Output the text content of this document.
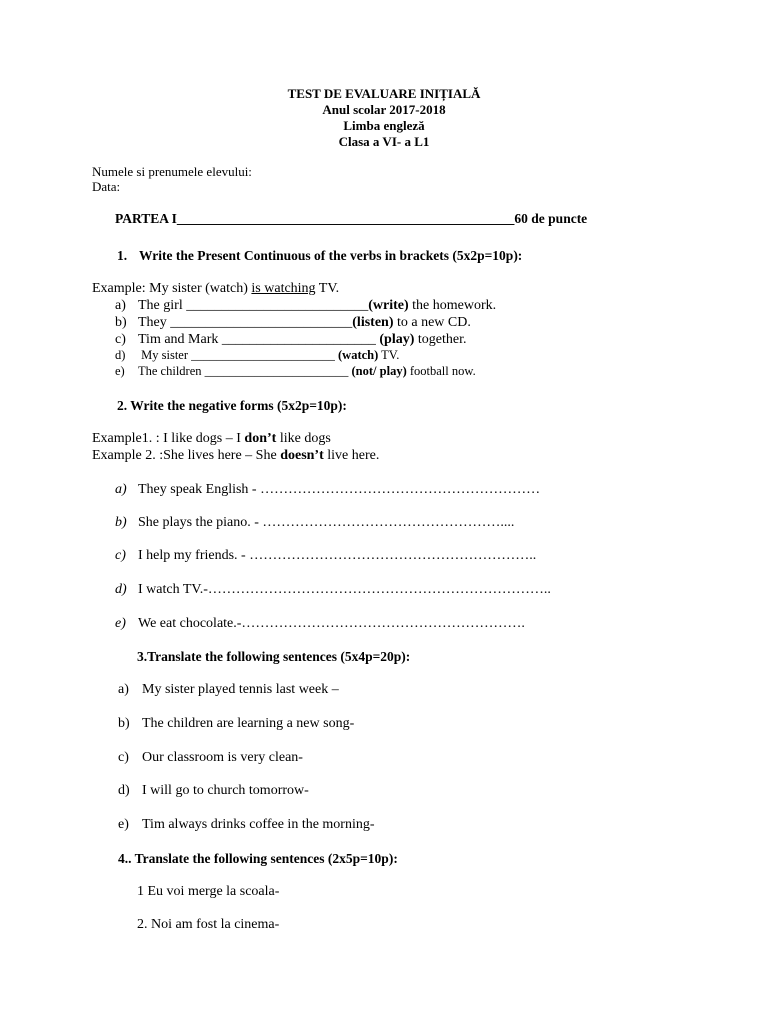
TEST DE EVALUARE INIȚIALĂ
Anul scolar 2017-2018
Limba engleză
Clasa a VI- a L1
Numele si prenumele elevului:
Data:
PARTEA I__________________________________________________60 de puncte
1. Write the Present Continuous of the verbs in brackets (5x2p=10p):
Example: My sister (watch) is watching TV.
a) The girl __________________________(write) the homework.
b) They __________________________(listen) to a new CD.
c) Tim and Mark ______________________ (play) together.
d) My sister _______________________ (watch) TV.
e) The children _______________________ (not/ play) football now.
2. Write the negative forms (5x2p=10p):
Example1. : I like dogs – I don’t like dogs
Example 2. :She lives here – She doesn’t live here.
a) They speak English - ……………………………………………………
b) She plays the piano. - ……………………………………………....
c) I help my friends. - ……………………………………………………..
d) I watch TV.-………………………………………………………………..
e) We eat chocolate.-…………………………………………………….
3.Translate the following sentences (5x4p=20p):
a) My sister played tennis last week –
b) The children are learning a new song-
c) Our classroom is very clean-
d) I will go to church tomorrow-
e) Tim always drinks coffee in the morning-
4.. Translate the following sentences (2x5p=10p):
1 Eu voi merge la scoala-
2. Noi am fost la cinema-
